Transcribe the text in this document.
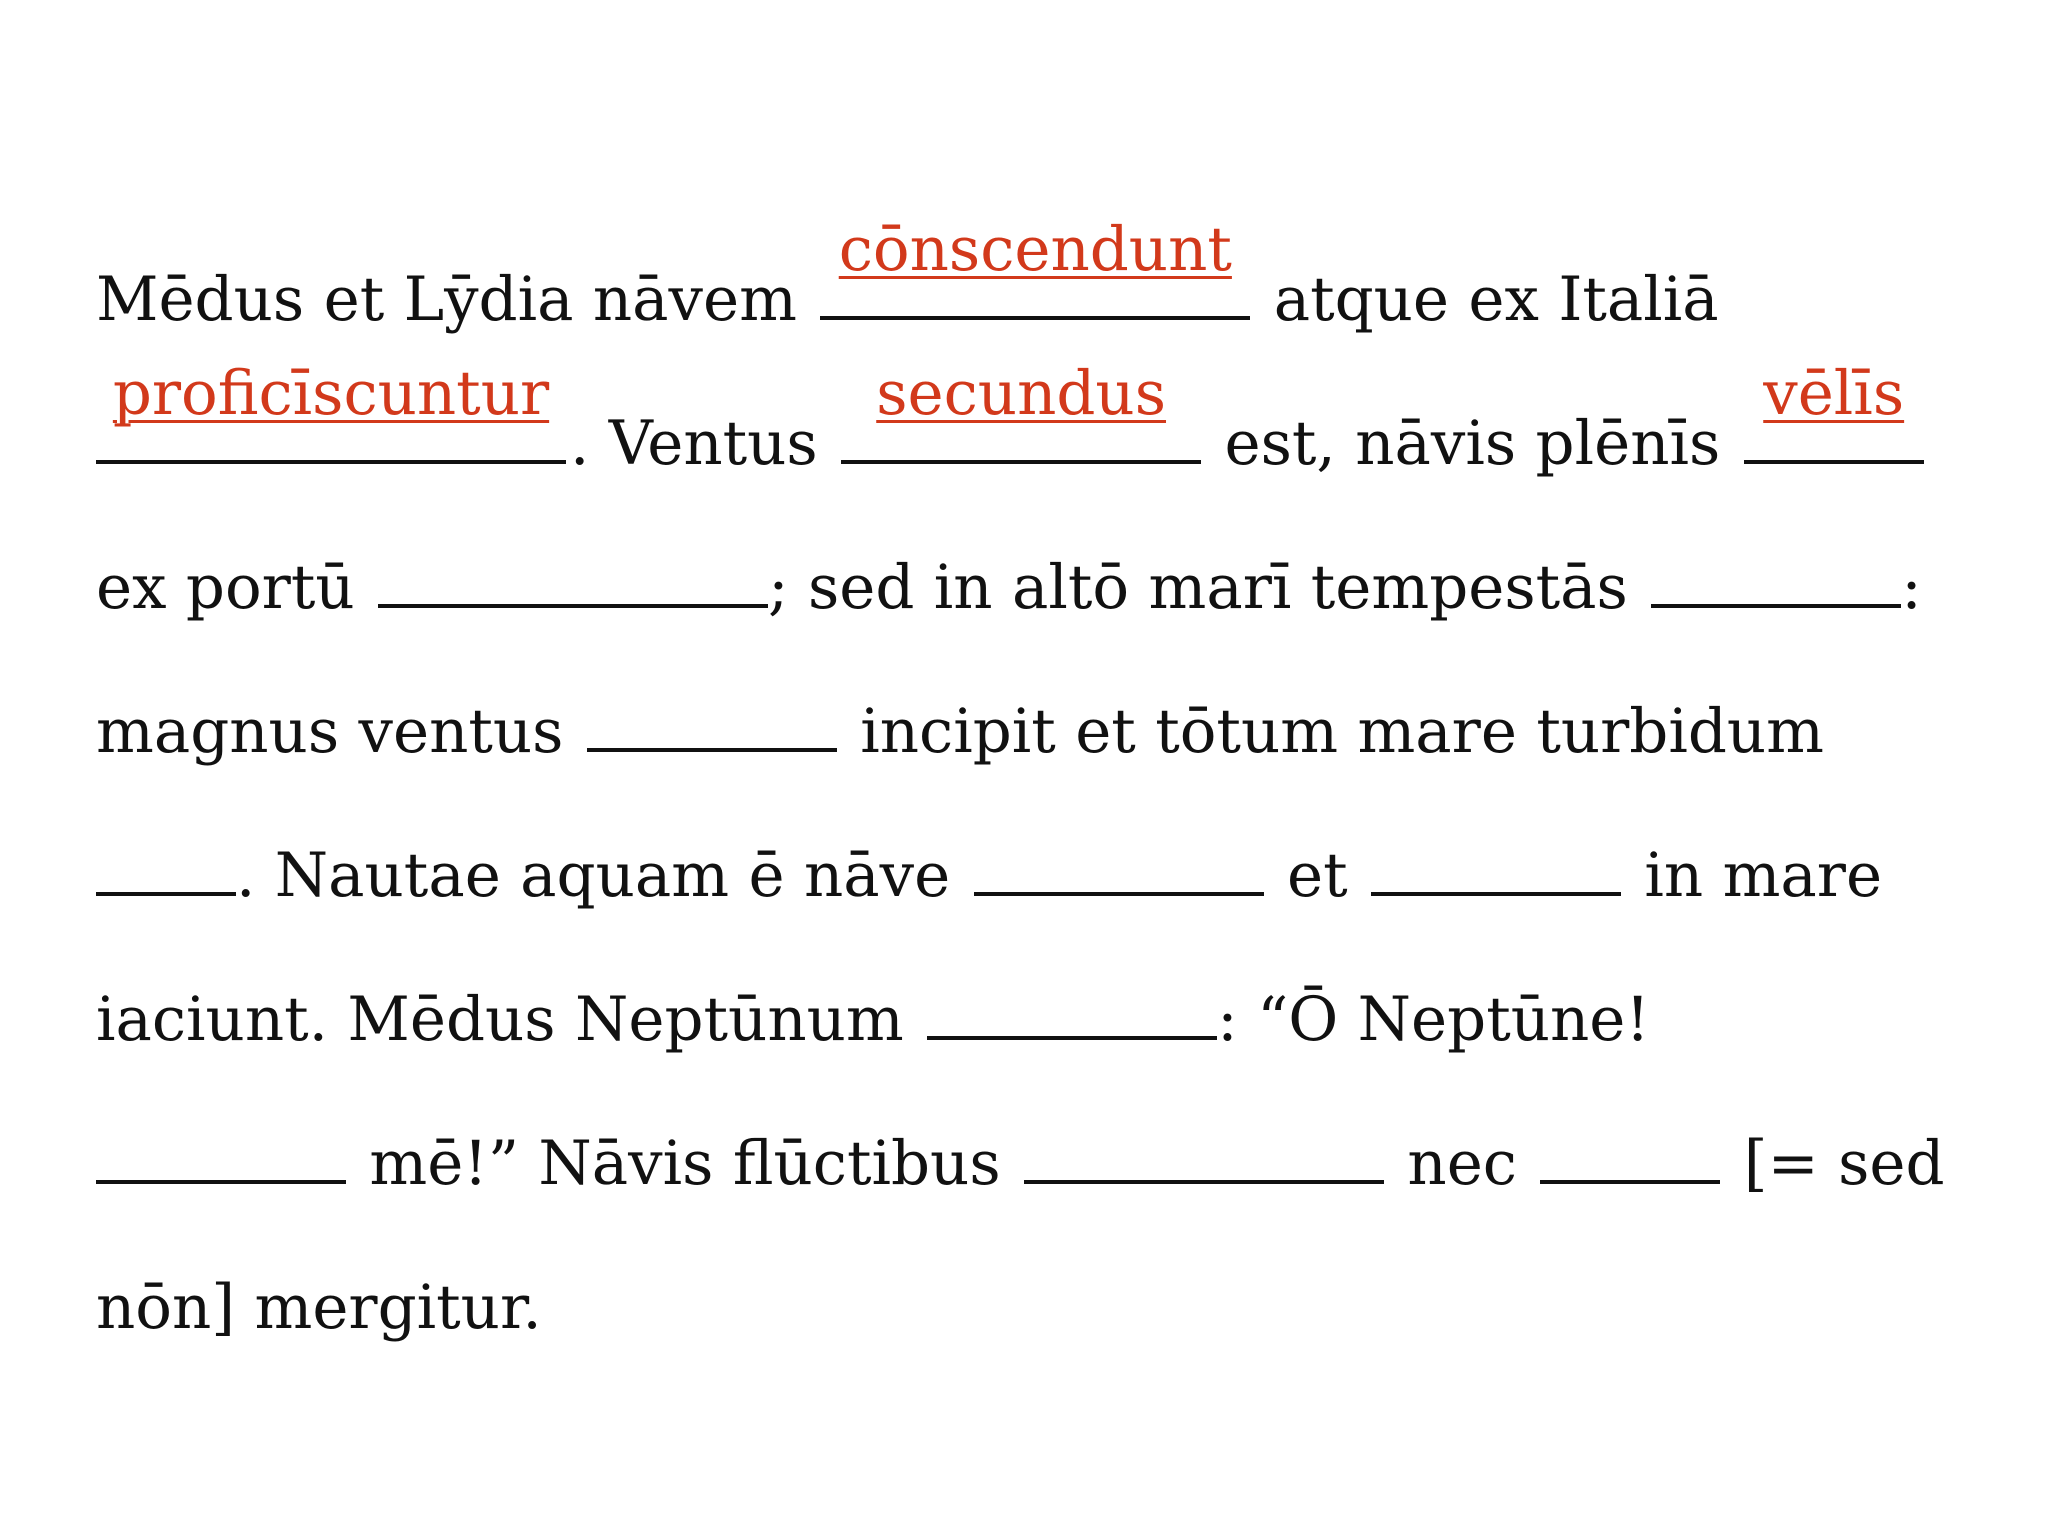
Mēdus et Lȳdia nāvem
cōnscendunt
atque ex Italiā
proficīscuntur
. Ventus
secundus
est, nāvis plēnīs
vēlīs
ex portū	; sed in altō marī tempestās	:
magnus ventus	incipit et tōtum mare turbidum
. Nautae aquam ē nāve	et	in mare
iaciunt. Mēdus Neptūnum	: “Ō Neptūne!
mē!” Nāvis flūctibus	nec	[= sed
nōn] mergitur.
